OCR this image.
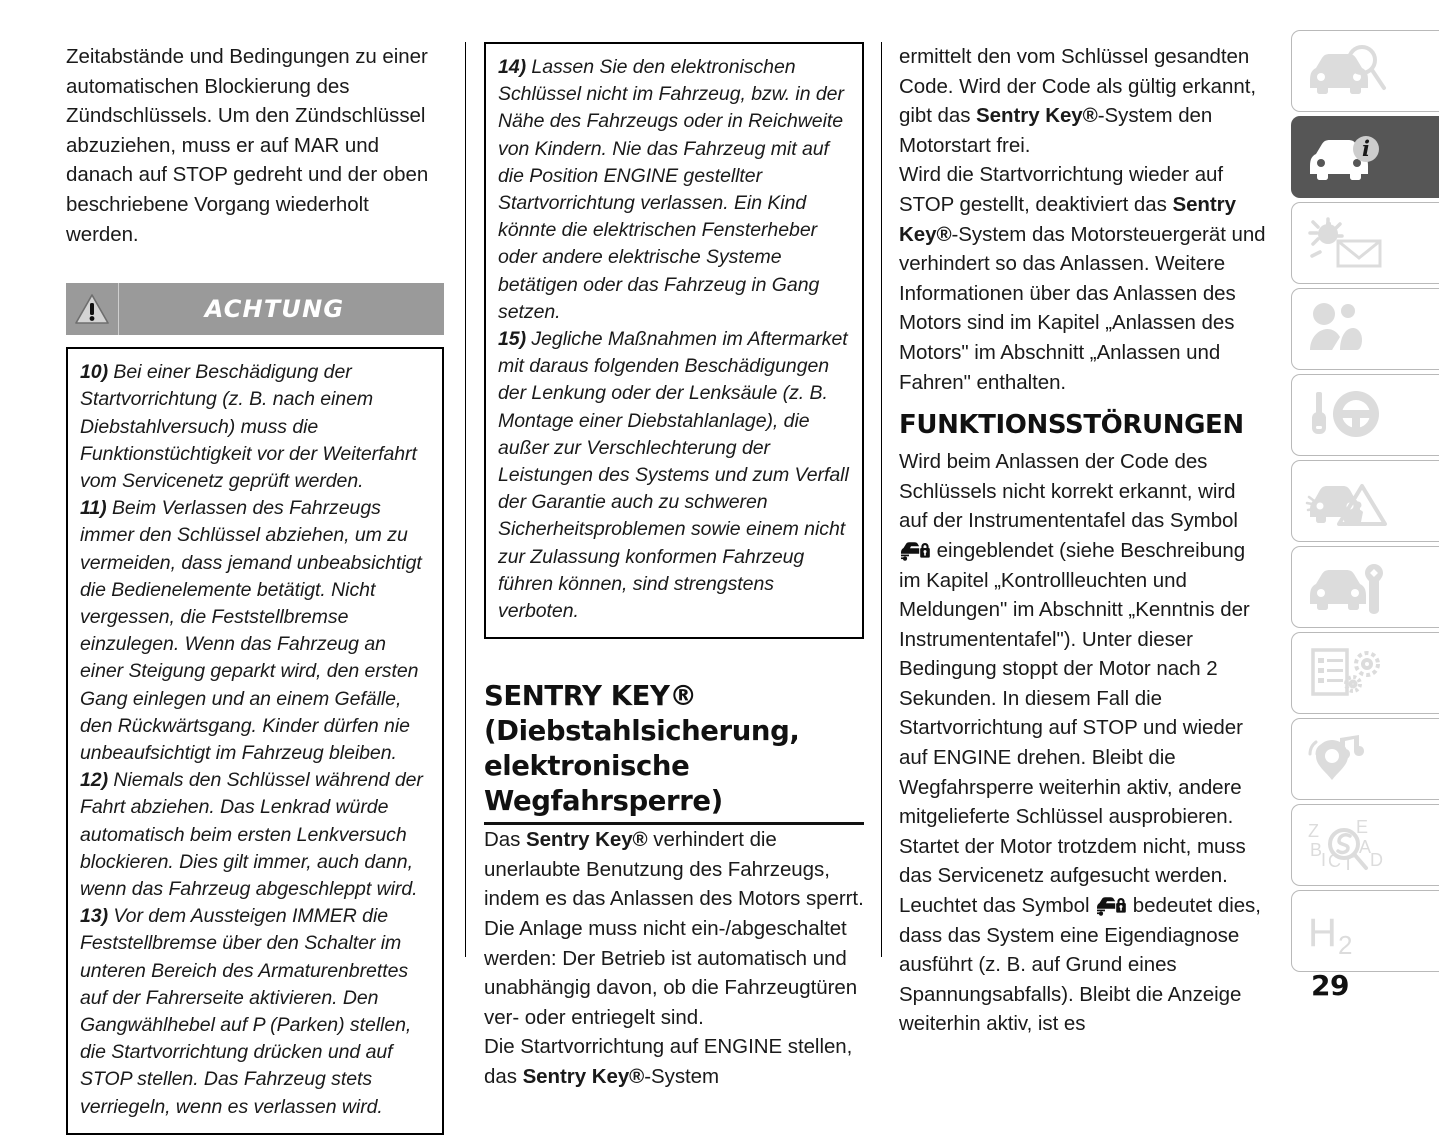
Zeitabstände und Bedingungen zu einer automatischen Blockierung des Zündschlüssels. Um den Zündschlüssel abzuziehen, muss er auf MAR und danach auf STOP gedreht und der oben beschriebene Vorgang wiederholt werden.

ACHTUNG

10) Bei einer Beschädigung der Startvorrichtung (z. B. nach einem Diebstahlversuch) muss die Funktionstüchtigkeit vor der Weiterfahrt vom Servicenetz geprüft werden.

11) Beim Verlassen des Fahrzeugs immer den Schlüssel abziehen, um zu vermeiden, dass jemand unbeabsichtigt die Bedienelemente betätigt. Nicht vergessen, die Feststellbremse einzulegen. Wenn das Fahrzeug an einer Steigung geparkt wird, den ersten Gang einlegen und an einem Gefälle, den Rückwärtsgang. Kinder dürfen nie unbeaufsichtigt im Fahrzeug bleiben.

12) Niemals den Schlüssel während der Fahrt abziehen. Das Lenkrad würde automatisch beim ersten Lenkversuch blockieren. Dies gilt immer, auch dann, wenn das Fahrzeug abgeschleppt wird.

13) Vor dem Aussteigen IMMER die Feststellbremse über den Schalter im unteren Bereich des Armaturenbrettes auf der Fahrerseite aktivieren. Den Gangwählhebel auf P (Parken) stellen, die Startvorrichtung drücken und auf STOP stellen. Das Fahrzeug stets verriegeln, wenn es verlassen wird.

14) Lassen Sie den elektronischen Schlüssel nicht im Fahrzeug, bzw. in der Nähe des Fahrzeugs oder in Reichweite von Kindern. Nie das Fahrzeug mit auf die Position ENGINE gestellter Startvorrichtung verlassen. Ein Kind könnte die elektrischen Fensterheber oder andere elektrische Systeme betätigen oder das Fahrzeug in Gang setzen.

15) Jegliche Maßnahmen im Aftermarket mit daraus folgenden Beschädigungen der Lenkung oder der Lenksäule (z. B. Montage einer Diebstahlanlage), die außer zur Verschlechterung der Leistungen des Systems und zum Verfall der Garantie auch zu schweren Sicherheitsproblemen sowie einem nicht zur Zulassung konformen Fahrzeug führen können, sind strengstens verboten.

SENTRY KEY® (Diebstahlsicherung, elektronische Wegfahrsperre)

Das Sentry Key® verhindert die unerlaubte Benutzung des Fahrzeugs, indem es das Anlassen des Motors sperrt.

Die Anlage muss nicht ein-/abgeschaltet werden: Der Betrieb ist automatisch und unabhängig davon, ob die Fahrzeugtüren ver- oder entriegelt sind.

Die Startvorrichtung auf ENGINE stellen, das Sentry Key®-System

ermittelt den vom Schlüssel gesandten Code. Wird der Code als gültig erkannt, gibt das Sentry Key®-System den Motorstart frei.

Wird die Startvorrichtung wieder auf STOP gestellt, deaktiviert das Sentry Key®-System das Motorsteuergerät und verhindert so das Anlassen. Weitere Informationen über das Anlassen des Motors sind im Kapitel „Anlassen des Motors" im Abschnitt „Anlassen und Fahren" enthalten.

FUNKTIONSSTÖRUNGEN

Wird beim Anlassen der Code des Schlüssels nicht korrekt erkannt, wird auf der Instrumententafel das Symbol  eingeblendet (siehe Beschreibung im Kapitel „Kontrollleuchten und Meldungen" im Abschnitt „Kenntnis der Instrumententafel"). Unter dieser Bedingung stoppt der Motor nach 2 Sekunden. In diesem Fall die Startvorrichtung auf STOP und wieder auf ENGINE drehen. Bleibt die Wegfahrsperre weiterhin aktiv, andere mitgelieferte Schlüssel ausprobieren. Startet der Motor trotzdem nicht, muss das Servicenetz aufgesucht werden.

Leuchtet das Symbol  bedeutet dies, dass das System eine Eigendiagnose ausführt (z. B. auf Grund eines Spannungsabfalls). Bleibt die Anzeige weiterhin aktiv, ist es

i
Z
B
I C T
E
A
D
H 2
29
